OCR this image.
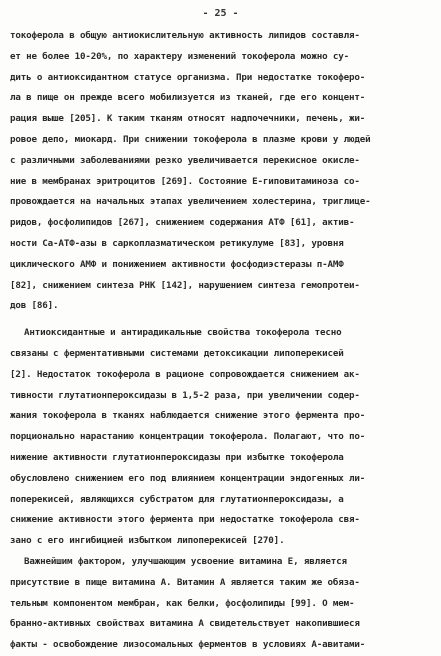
- 25 -
токоферола в общую антиокислительную активность липидов составля-
ет не более 10-20%, по характеру изменений токоферола можно су-
дить о антиоксидантном статусе организма. При недостатке токоферо-
ла в пище он прежде всего мобилизуется из тканей, где его концент-
рация выше [205]. К таким тканям относят надпочечники, печень, жи-
ровое депо, миокард. При снижении токоферола в плазме крови у людей
с различными заболеваниями резко увеличивается перекисное окисле-
ние в мембранах эритроцитов [269]. Состояние Е-гиповитаминоза со-
провождается на начальных этапах увеличением холестерина, триглице-
ридов, фосфолипидов [267], снижением содержания АТФ [61], актив-
ности Са-АТФ-азы в саркоплазматическом ретикулуме [83], уровня
циклического АМФ и понижением активности фосфодиэстеразы п-АМФ
[82], снижением синтеза РНК [142], нарушением синтеза гемопротеи-
дов [86].
Антиоксидантные и антирадикальные свойства токоферола тесно
связаны с ферментативными системами детоксикации липоперекисей
[2]. Недостаток токоферола в рационе сопровождается снижением ак-
тивности глутатионпероксидазы в 1,5-2 раза, при увеличении содер-
жания токоферола в тканях наблюдается снижение этого фермента про-
порционально нарастанию концентрации токоферола. Полагают, что по-
нижение активности глутатионпероксидазы при избытке токоферола
обусловлено снижением его под влиянием концентрации эндогенных ли-
поперекисей, являющихся субстратом для глутатионпероксидазы, а
снижение активности этого фермента при недостатке токоферола свя-
зано с его ингибицией избытком липоперекисей [270].
Важнейшим фактором, улучшающим усвоение витамина Е, является
присутствие в пище витамина А. Витамин А является таким же обяза-
тельным компонентом мембран, как белки, фосфолипиды [99]. О мем-
бранно-активных свойствах витамина А свидетельствует накопившиеся
факты - освобождение лизосомальных ферментов в условиях А-авитами-
